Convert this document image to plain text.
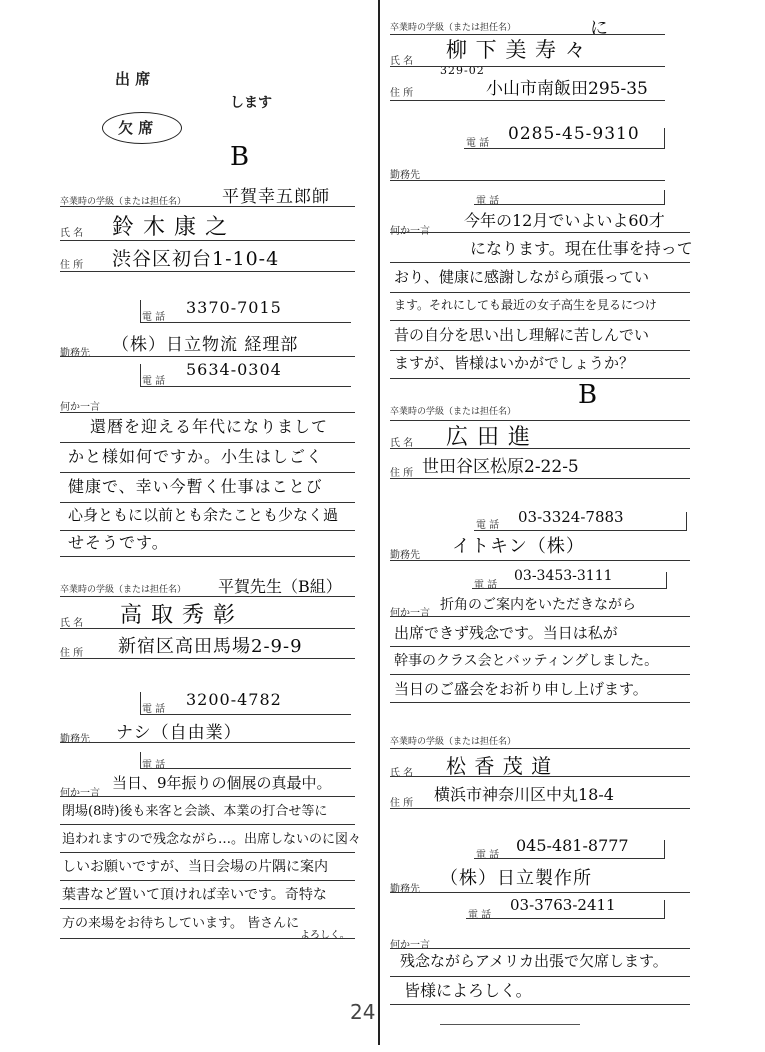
出 席
します
欠 席
B
卒業時の学級（または担任名） 平賀幸五郎師
氏 名 鈴 木 康 之
住 所 渋谷区初台1-10-4
電 話
3370-7015
勤務先 （株）日立物流 経理部
電 話
5634-0304
何か一言
還暦を迎える年代になりまして
かと様如何ですか。小生はしごく
健康で、幸い今暫く仕事はことび
心身ともに以前とも余たことも少なく過
せそうです。
卒業時の学級（または担任名） 平賀先生（B組）
氏 名 高 取 秀 彰
住 所 新宿区高田馬場2-9-9
電 話
3200-4782
勤務先 ナシ（自由業）
電 話
何か一言
当日、9年振りの個展の真最中。
閉場(8時)後も来客と会談、本業の打合せ等に
追われますので残念ながら…。出席しないのに図々
しいお願いですが、当日会場の片隅に案内
葉書など置いて頂ければ幸いです。奇特な
方の来場をお待ちしています。 皆さんに
よろしく。
卒業時の学級（または担任名）	に
氏 名 柳 下 美 寿 々
329-02
住 所	小山市南飯田295-35
電 話 0285-45-9310
勤務先
電 話
何か一言
今年の12月でいよいよ60才
になります。現在仕事を持って
おり、健康に感謝しながら頑張ってい
ます。それにしても最近の女子高生を見るにつけ
昔の自分を思い出し理解に苦しんでい
ますが、皆様はいかがでしょうか？
卒業時の学級（または担任名）
B
氏 名 広 田 進
住 所 世田谷区松原2-22-5
電 話 03-3324-7883
勤務先 イトキン（株）
電 話
03-3453-3111
何か一言
折角のご案内をいただきながら
出席できず残念です。当日は私が
幹事のクラス会とバッティングしました。
当日のご盛会をお祈り申し上げます。
卒業時の学級（または担任名）
氏 名 松 香 茂 道
住 所 横浜市神奈川区中丸18-4
電 話
045-481-8777
勤務先
（株）日立製作所
電 話
03-3763-2411
何か一言
残念ながらアメリカ出張で欠席します。
皆様によろしく。
24
